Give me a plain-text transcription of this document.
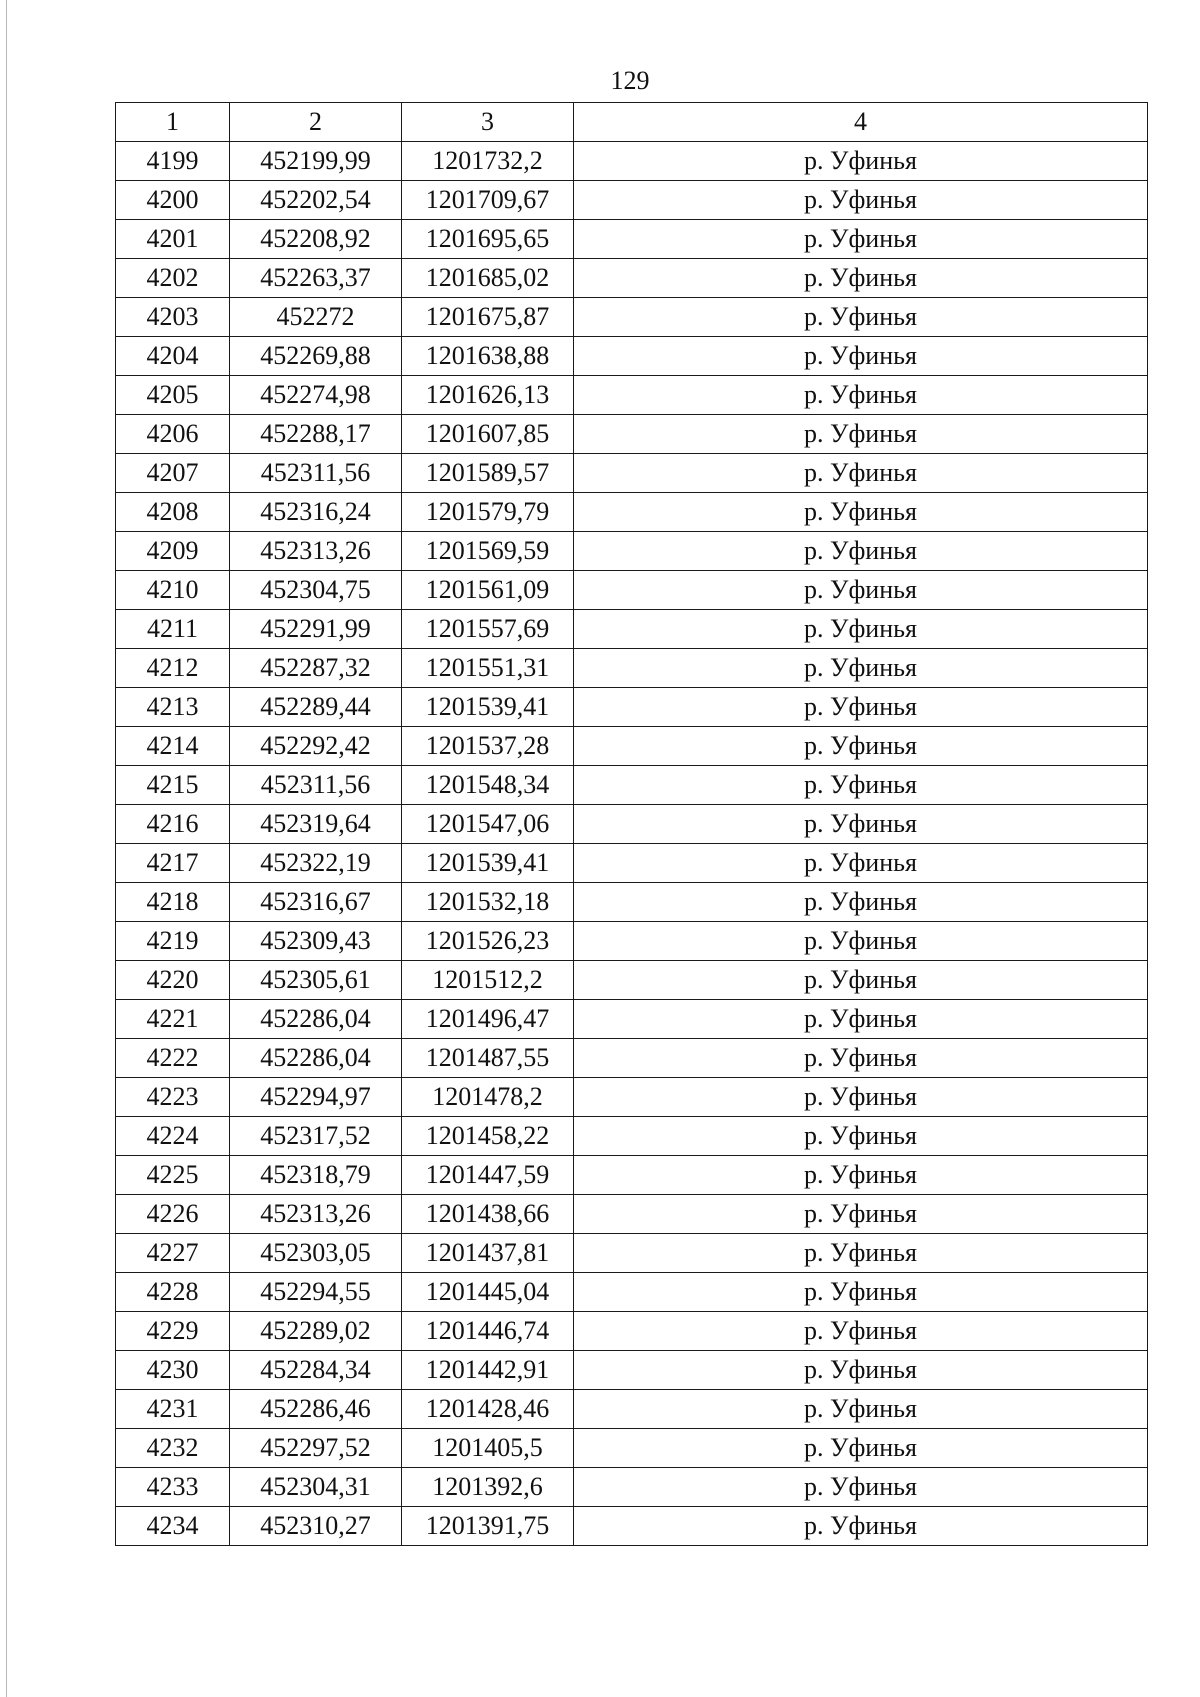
129
1	2	3	4
4199	452199,99	1201732,2	р. Уфинья
4200	452202,54	1201709,67	р. Уфинья
4201	452208,92	1201695,65	р. Уфинья
4202	452263,37	1201685,02	р. Уфинья
4203	452272	1201675,87	р. Уфинья
4204	452269,88	1201638,88	р. Уфинья
4205	452274,98	1201626,13	р. Уфинья
4206	452288,17	1201607,85	р. Уфинья
4207	452311,56	1201589,57	р. Уфинья
4208	452316,24	1201579,79	р. Уфинья
4209	452313,26	1201569,59	р. Уфинья
4210	452304,75	1201561,09	р. Уфинья
4211	452291,99	1201557,69	р. Уфинья
4212	452287,32	1201551,31	р. Уфинья
4213	452289,44	1201539,41	р. Уфинья
4214	452292,42	1201537,28	р. Уфинья
4215	452311,56	1201548,34	р. Уфинья
4216	452319,64	1201547,06	р. Уфинья
4217	452322,19	1201539,41	р. Уфинья
4218	452316,67	1201532,18	р. Уфинья
4219	452309,43	1201526,23	р. Уфинья
4220	452305,61	1201512,2	р. Уфинья
4221	452286,04	1201496,47	р. Уфинья
4222	452286,04	1201487,55	р. Уфинья
4223	452294,97	1201478,2	р. Уфинья
4224	452317,52	1201458,22	р. Уфинья
4225	452318,79	1201447,59	р. Уфинья
4226	452313,26	1201438,66	р. Уфинья
4227	452303,05	1201437,81	р. Уфинья
4228	452294,55	1201445,04	р. Уфинья
4229	452289,02	1201446,74	р. Уфинья
4230	452284,34	1201442,91	р. Уфинья
4231	452286,46	1201428,46	р. Уфинья
4232	452297,52	1201405,5	р. Уфинья
4233	452304,31	1201392,6	р. Уфинья
4234	452310,27	1201391,75	р. Уфинья
